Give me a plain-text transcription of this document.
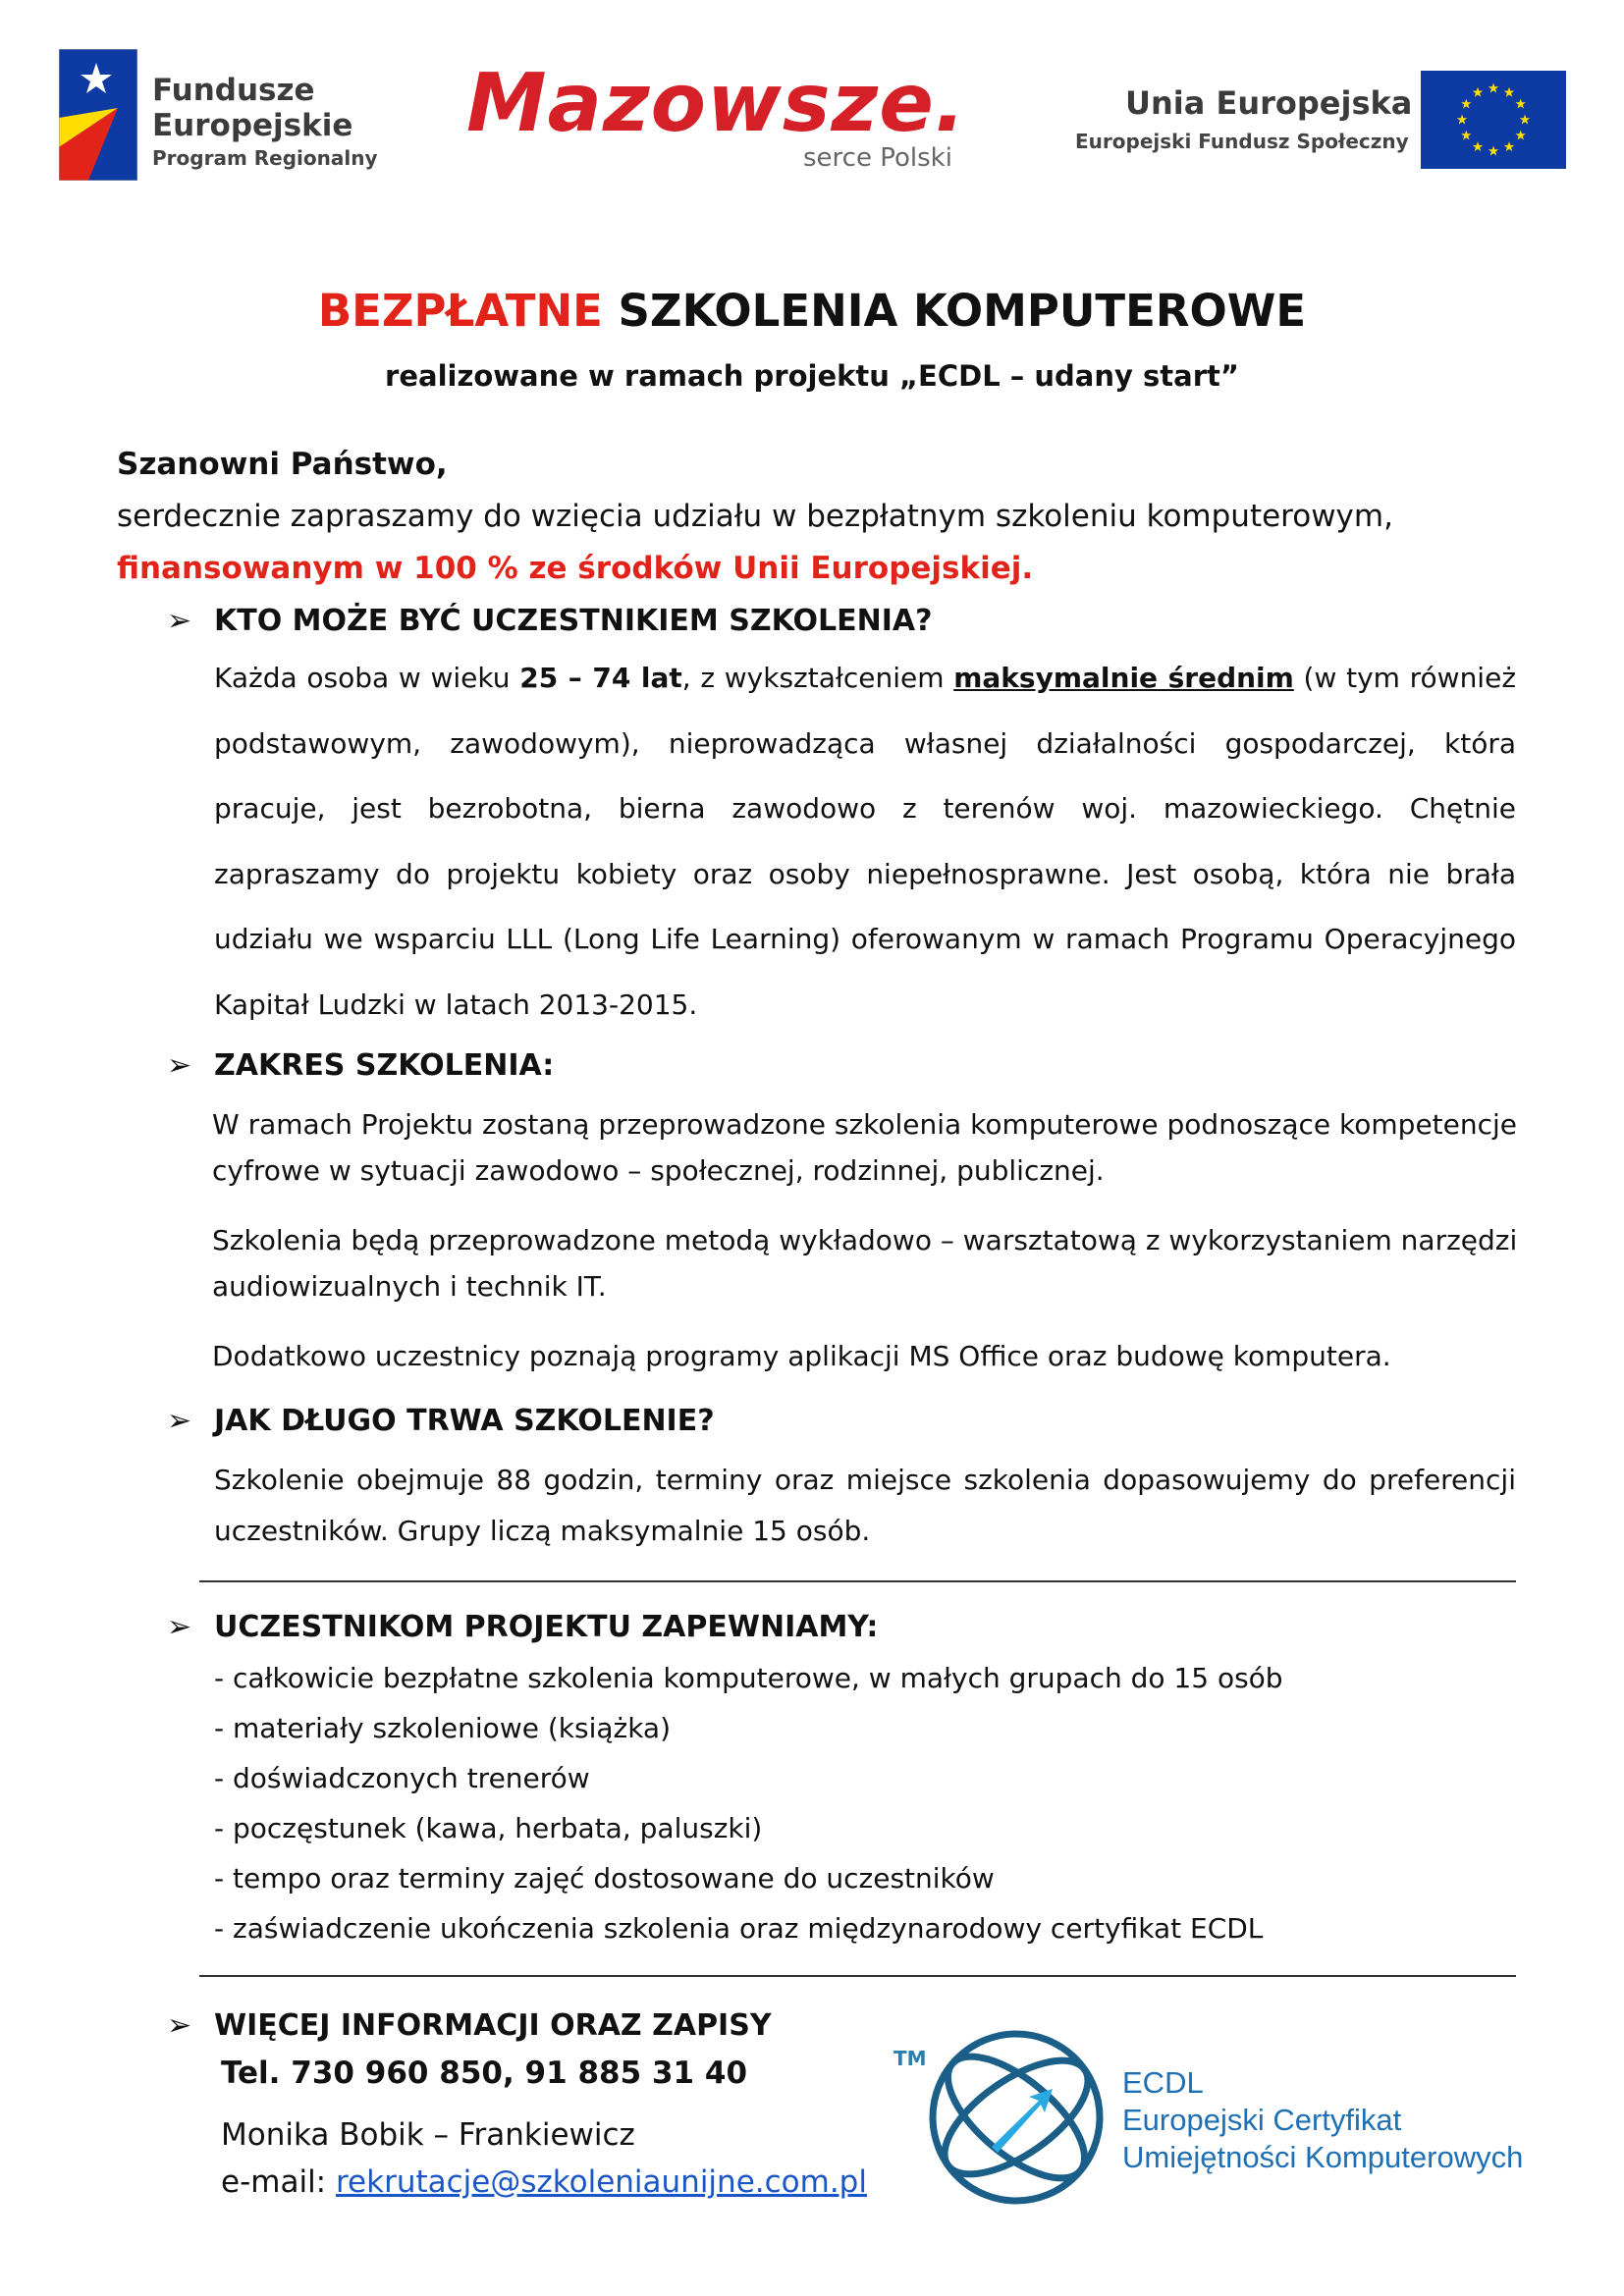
Fundusze
Europejskie
Program Regionalny
Mazowsze.
serce Polski
Unia Europejska
Europejski Fundusz Społeczny
BEZPŁATNE SZKOLENIA KOMPUTEROWE
realizowane w ramach projektu „ECDL – udany start”
Szanowni Państwo,
serdecznie zapraszamy do wzięcia udziału w bezpłatnym szkoleniu komputerowym,
finansowanym w 100 % ze środków Unii Europejskiej.
➢ KTO MOŻE BYĆ UCZESTNIKIEM SZKOLENIA?
Każda osoba w wieku 25 – 74 lat, z wykształceniem maksymalnie średnim (w tym również podstawowym, zawodowym), nieprowadząca własnej działalności gospodarczej, która pracuje, jest bezrobotna, bierna zawodowo z terenów woj. mazowieckiego. Chętnie zapraszamy do projektu kobiety oraz osoby niepełnosprawne. Jest osobą, która nie brała udziału we wsparciu LLL (Long Life Learning) oferowanym w ramach Programu Operacyjnego Kapitał Ludzki w latach 2013-2015.
➢ ZAKRES SZKOLENIA:
W ramach Projektu zostaną przeprowadzone szkolenia komputerowe podnoszące kompetencje cyfrowe w sytuacji zawodowo – społecznej, rodzinnej, publicznej.
Szkolenia będą przeprowadzone metodą wykładowo – warsztatową z wykorzystaniem narzędzi audiowizualnych i technik IT.
Dodatkowo uczestnicy poznają programy aplikacji MS Office oraz budowę komputera.
➢ JAK DŁUGO TRWA SZKOLENIE?
Szkolenie obejmuje 88 godzin, terminy oraz miejsce szkolenia dopasowujemy do preferencji uczestników. Grupy liczą maksymalnie 15 osób.
➢ UCZESTNIKOM PROJEKTU ZAPEWNIAMY:
- całkowicie bezpłatne szkolenia komputerowe, w małych grupach do 15 osób
- materiały szkoleniowe (książka)
- doświadczonych trenerów
- poczęstunek (kawa, herbata, paluszki)
- tempo oraz terminy zajęć dostosowane do uczestników
- zaświadczenie ukończenia szkolenia oraz międzynarodowy certyfikat ECDL
➢ WIĘCEJ INFORMACJI ORAZ ZAPISY
Tel. 730 960 850, 91 885 31 40
Monika Bobik – Frankiewicz
e-mail: rekrutacje@szkoleniaunijne.com.pl
TM
ECDL
Europejski Certyfikat
Umiejętności Komputerowych
